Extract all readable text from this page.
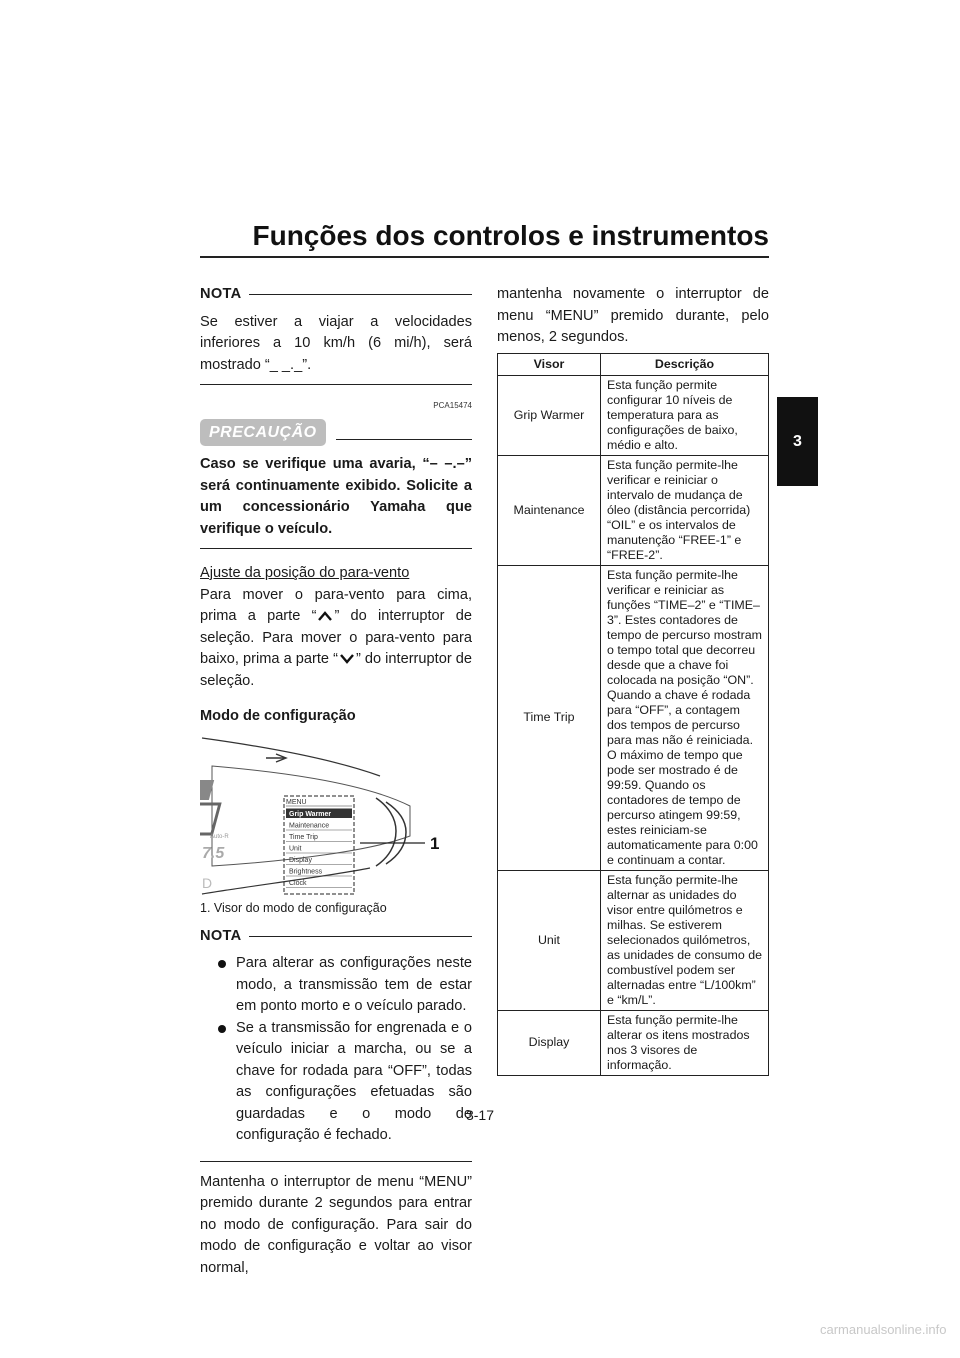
Funções dos controlos e instrumentos
3
NOTA

Se estiver a viajar a velocidades inferiores a 10 km/h (6 mi/h), será mostrado “_ _._”.

PCA15474
PRECAUÇÃO

Caso se verifique uma avaria, “– –.–” será continuamente exibido. Solicite a um concessionário Yamaha que verifique o veículo.

Ajuste da posição do para-vento

Para mover o para-vento para cima, prima a parte “ ” do interruptor de seleção. Para mover o para-vento para baixo, prima a parte “ ” do interruptor de seleção.

Modo de configuração
7.5
D
Auto-R
MENU
Grip Warmer
Maintenance
Time Trip
Unit
Display
Brightness
Clock
1

1. Visor do modo de configuração

NOTA
Para alterar as configurações neste modo, a transmissão tem de estar em ponto morto e o veículo parado.
Se a transmissão for engrenada e o veículo iniciar a marcha, ou se a chave for rodada para “OFF”, todas as configurações efetuadas são guardadas e o modo de configuração é fechado.

Mantenha o interruptor de menu “MENU” premido durante 2 segundos para entrar no modo de configuração. Para sair do modo de configuração e voltar ao visor normal,

mantenha novamente o interruptor de menu “MENU” premido durante, pelo menos, 2 segundos.

Visor	Descrição
Grip Warmer	Esta função permite configurar 10 níveis de temperatura para as configurações de baixo, médio e alto.
Maintenance	Esta função permite-lhe verificar e reiniciar o intervalo de mudança de óleo (distância percorrida) “OIL” e os intervalos de manutenção “FREE-1” e “FREE-2”.
Time Trip	Esta função permite-lhe verificar e reiniciar as funções “TIME–2” e “TIME–3”. Estes contadores de tempo de percurso mostram o tempo total que decorreu desde que a chave foi colocada na posição “ON”. Quando a chave é rodada para “OFF”, a contagem dos tempos de percurso para mas não é reiniciada. O máximo de tempo que pode ser mostrado é de 99:59. Quando os contadores de tempo de percurso atingem 99:59, estes reiniciam-se automaticamente para 0:00 e continuam a contar.
Unit	Esta função permite-lhe alternar as unidades do visor entre quilómetros e milhas. Se estiverem selecionados quilómetros, as unidades de consumo de combustível podem ser alternadas entre “L/100km” e “km/L”.
Display	Esta função permite-lhe alterar os itens mostrados nos 3 visores de informação.
3-17
carmanualsonline.info
